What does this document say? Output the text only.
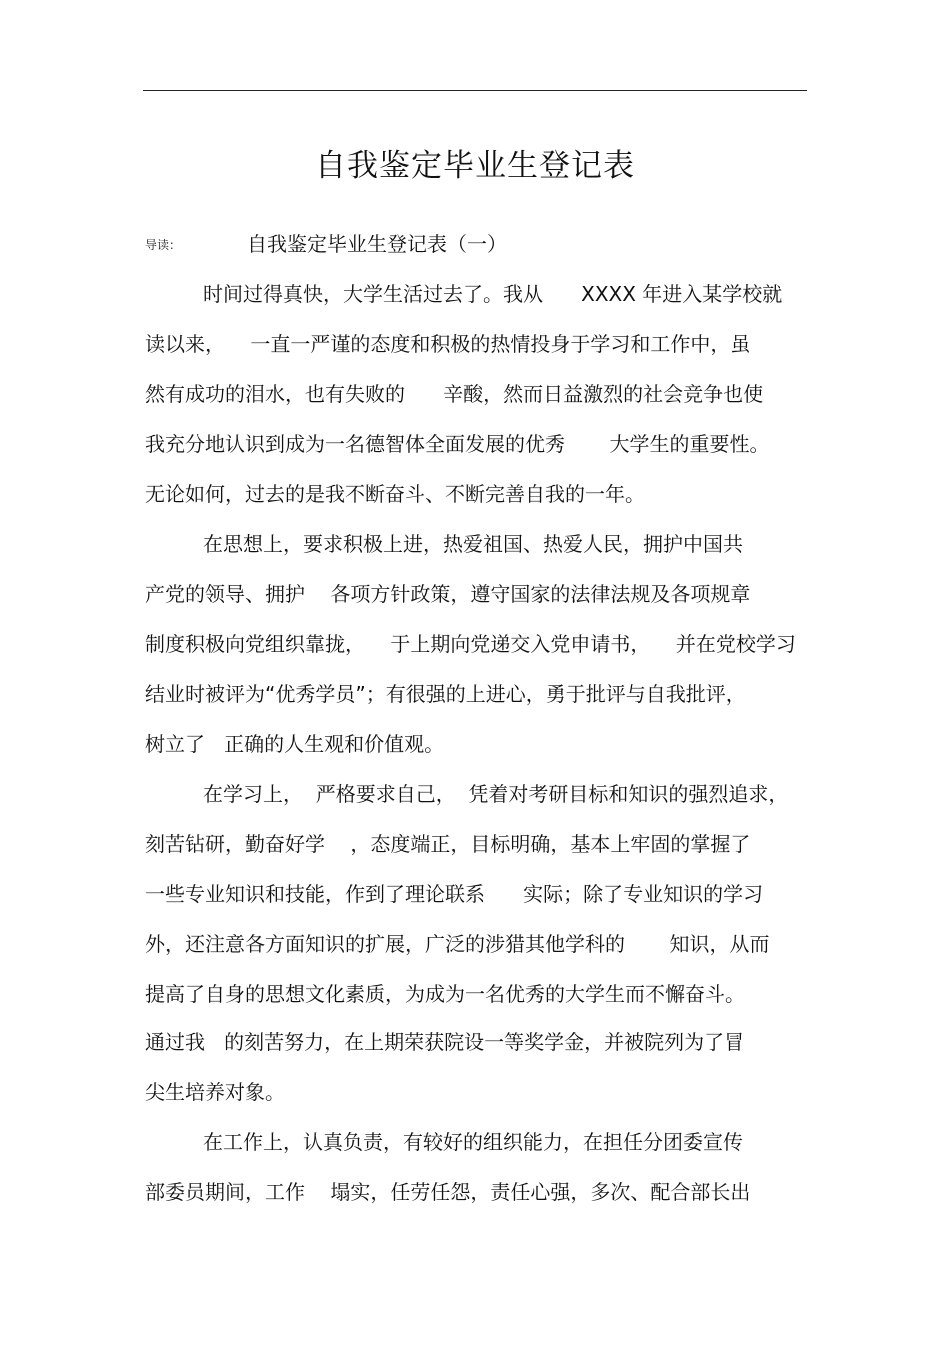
自我鉴定毕业生登记表
导读：	自我鉴定毕业生登记表（一）
时间过得真快，大学生活过去了。我从      XXXX 年进入某学校就
读以来，    一直一严谨的态度和积极的热情投身于学习和工作中，虽
然有成功的泪水，也有失败的      辛酸，然而日益激烈的社会竞争也使
我充分地认识到成为一名德智体全面发展的优秀       大学生的重要性。
无论如何，过去的是我不断奋斗、不断完善自我的一年。
在思想上，要求积极上进，热爱祖国、热爱人民，拥护中国共
产党的领导、拥护    各项方针政策，遵守国家的法律法规及各项规章
制度积极向党组织靠拢，    于上期向党递交入党申请书，    并在党校学习
结业时被评为“优秀学员”；有很强的上进心，勇于批评与自我批评，
树立了   正确的人生观和价值观。
在学习上，  严格要求自己，  凭着对考研目标和知识的强烈追求，
刻苦钻研，勤奋好学    ，态度端正，目标明确，基本上牢固的掌握了
一些专业知识和技能，作到了理论联系      实际；除了专业知识的学习
外，还注意各方面知识的扩展，广泛的涉猎其他学科的       知识，从而
提高了自身的思想文化素质，为成为一名优秀的大学生而不懈奋斗。
通过我   的刻苦努力，在上期荣获院设一等奖学金，并被院列为了冒
尖生培养对象。
在工作上，认真负责，有较好的组织能力，在担任分团委宣传
部委员期间，工作    塌实，任劳任怨，责任心强，多次、配合部长出
